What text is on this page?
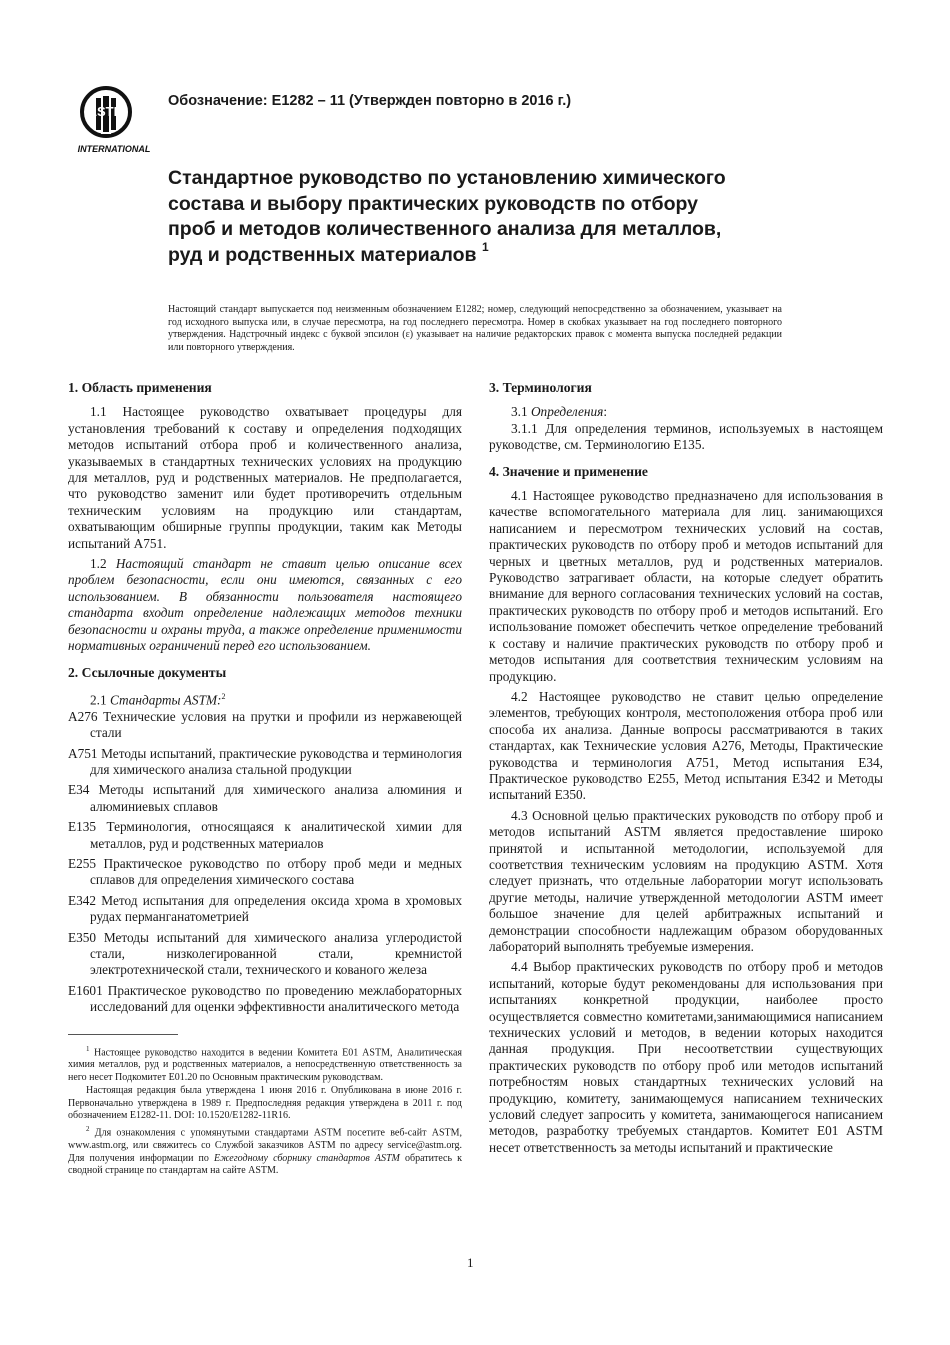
ASTM
INTERNATIONAL
Обозначение: E1282 – 11 (Утвержден повторно в 2016 г.)
Стандартное руководство по установлению химического состава и выбору практических руководств по отбору проб и методов количественного анализа для металлов, руд и родственных материалов $^1$

Настоящий стандарт выпускается под неизменным обозначением E1282; номер, следующий непосредственно за обозначением, указывает на год исходного выпуска или, в случае пересмотра, на год последнего пересмотра. Номер в скобках указывает на год последнего повторного утверждения. Надстрочный индекс с буквой эпсилон (ε) указывает на наличие редакторских правок с момента выпуска последней редакции или повторного утверждения.

1. Область применения

1.1 Настоящее руководство охватывает процедуры для установления требований к составу и определения подходящих методов испытаний отбора проб и количественного анализа, указываемых в стандартных технических условиях на продукцию для металлов, руд и родственных материалов. Не предполагается, что руководство заменит или будет противоречить отдельным техническим условиям на продукцию или стандартам, охватывающим обширные группы продукции, таким как Методы испытаний A751.

1.2 Настоящий стандарт не ставит целью описание всех проблем безопасности, если они имеются, связанных с его использованием. В обязанности пользователя настоящего стандарта входит определение надлежащих методов техники безопасности и охраны труда, а также определение применимости нормативных ограничений перед его использованием.

2. Ссылочные документы

2.1 Стандарты ASTM:$^2$

A276 Технические условия на прутки и профили из нержавеющей стали
A751 Методы испытаний, практические руководства и терминология для химического анализа стальной продукции
E34 Методы испытаний для химического анализа алюминия и алюминиевых сплавов
E135 Терминология, относящаяся к аналитической химии для металлов, руд и родственных материалов
E255 Практическое руководство по отбору проб меди и медных сплавов для определения химического состава
E342 Метод испытания для определения оксида хрома в хромовых рудах перманганатометрией
E350 Методы испытаний для химического анализа углеродистой стали, низколегированной стали, кремнистой электротехнической стали, технического и кованого железа
E1601 Практическое руководство по проведению межлабораторных исследований для оценки эффективности аналитического метода

$^1$ Настоящее руководство находится в ведении Комитета E01 ASTM, Аналитическая химия металлов, руд и родственных материалов, а непосредственную ответственность за него несет Подкомитет E01.20 по Основным практическим руководствам.

Настоящая редакция была утверждена 1 июня 2016 г. Опубликована в июне 2016 г. Первоначально утверждена в 1989 г. Предпоследняя редакция утверждена в 2011 г. под обозначением E1282-11. DOI: 10.1520/E1282-11R16.

$^2$ Для ознакомления с упомянутыми стандартами ASTM посетите веб-сайт ASTM, www.astm.org, или свяжитесь со Службой заказчиков ASTM по адресу service@astm.org. Для получения информации по Ежегодному сборнику стандартов ASTM обратитесь к сводной странице по стандартам на сайте ASTM.

3. Терминология

3.1 Определения:

3.1.1 Для определения терминов, используемых в настоящем руководстве, см. Терминологию E135.

4. Значение и применение

4.1 Настоящее руководство предназначено для использования в качестве вспомогательного материала для лиц. занимающихся написанием и пересмотром технических условий на состав, практических руководств по отбору проб и методов испытаний для черных и цветных металлов, руд и родственных материалов. Руководство затрагивает области, на которые следует обратить внимание для верного согласования технических условий на состав, практических руководств по отбору проб и методов испытаний. Его использование поможет обеспечить четкое определение требований к составу и наличие практических руководств по отбору проб и методов испытания для соответствия техническим условиям на продукцию.

4.2 Настоящее руководство не ставит целью определение элементов, требующих контроля, местоположения отбора проб или способа их анализа. Данные вопросы рассматриваются в таких стандартах, как Технические условия A276, Методы, Практические руководства и терминология A751, Метод испытания E34, Практическое руководство E255, Метод испытания E342 и Методы испытаний E350.

4.3 Основной целью практических руководств по отбору проб и методов испытаний ASTM является предоставление широко принятой и испытанной методологии, используемой для соответствия техническим условиям на продукцию ASTM. Хотя следует признать, что отдельные лаборатории могут использовать другие методы, наличие утвержденной методологии ASTM имеет большое значение для целей арбитражных испытаний и демонстрации способности надлежащим образом оборудованных лабораторий выполнять требуемые измерения.

4.4 Выбор практических руководств по отбору проб и методов испытаний, которые будут рекомендованы для использования при испытаниях конкретной продукции, наиболее просто осуществляется совместно комитетами,занимающимися написанием технических условий и методов, в ведении которых находится данная продукция. При несоответствии существующих практических руководств по отбору проб или методов испытаний потребностям новых стандартных технических условий на продукцию, комитету, занимающемуся написанием технических условий следует запросить у комитета, занимающегося написанием методов, разработку требуемых стандартов. Комитет E01 ASTM несет ответственность за методы испытаний и практические

1
